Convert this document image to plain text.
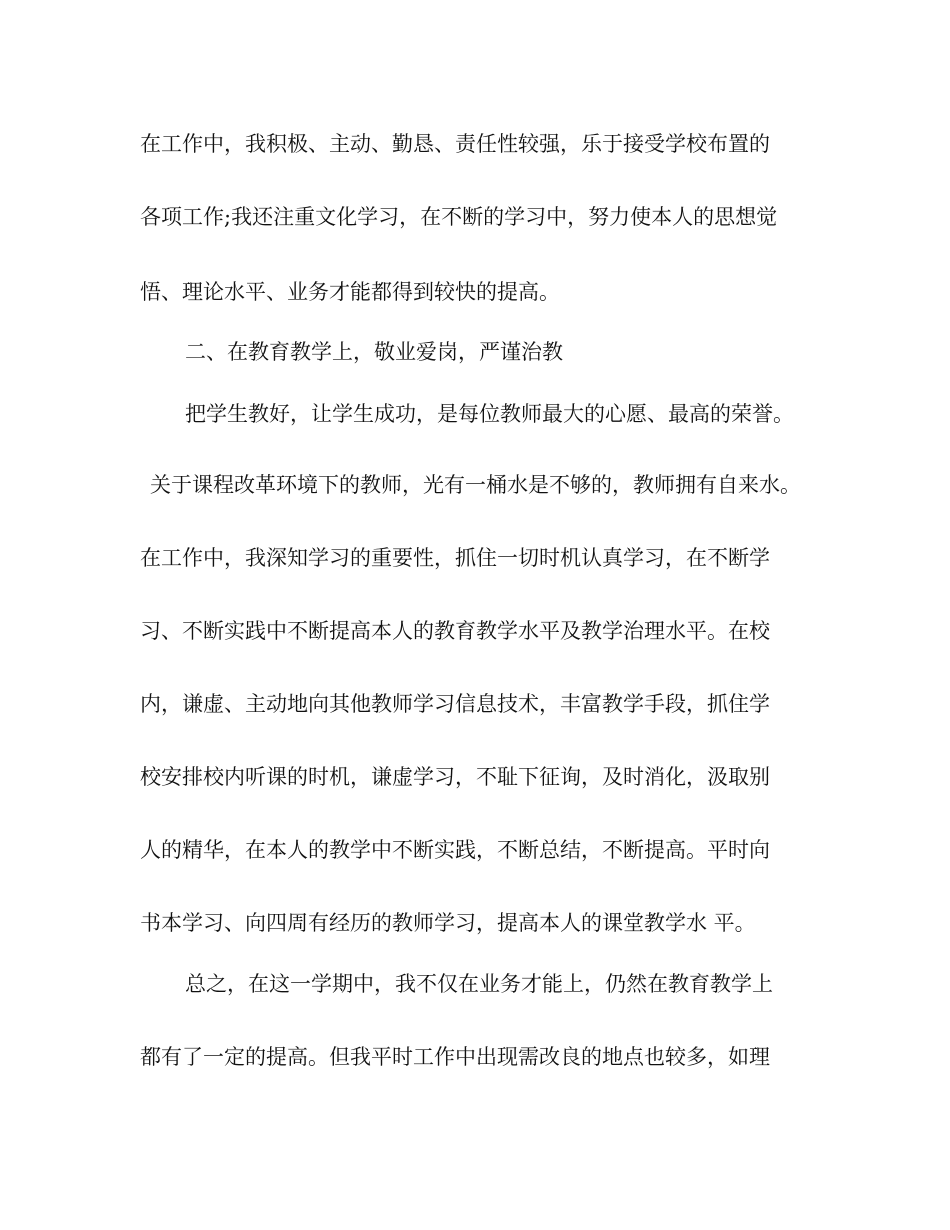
在工作中，我积极、主动、勤恳、责任性较强，乐于接受学校布置的

各项工作;我还注重文化学习，在不断的学习中，努力使本人的思想觉

悟、理论水平、业务才能都得到较快的提高。

二、在教育教学上，敬业爱岗，严谨治教

把学生教好，让学生成功，是每位教师最大的心愿、最高的荣誉。

关于课程改革环境下的教师，光有一桶水是不够的，教师拥有自来水。

在工作中，我深知学习的重要性，抓住一切时机认真学习，在不断学

习、不断实践中不断提高本人的教育教学水平及教学治理水平。在校

内，谦虚、主动地向其他教师学习信息技术，丰富教学手段，抓住学

校安排校内听课的时机，谦虚学习，不耻下征询，及时消化，汲取别

人的精华，在本人的教学中不断实践，不断总结，不断提高。平时向

书本学习、向四周有经历的教师学习，提高本人的课堂教学水 平。

总之，在这一学期中，我不仅在业务才能上，仍然在教育教学上

都有了一定的提高。但我平时工作中出现需改良的地点也较多，如理
